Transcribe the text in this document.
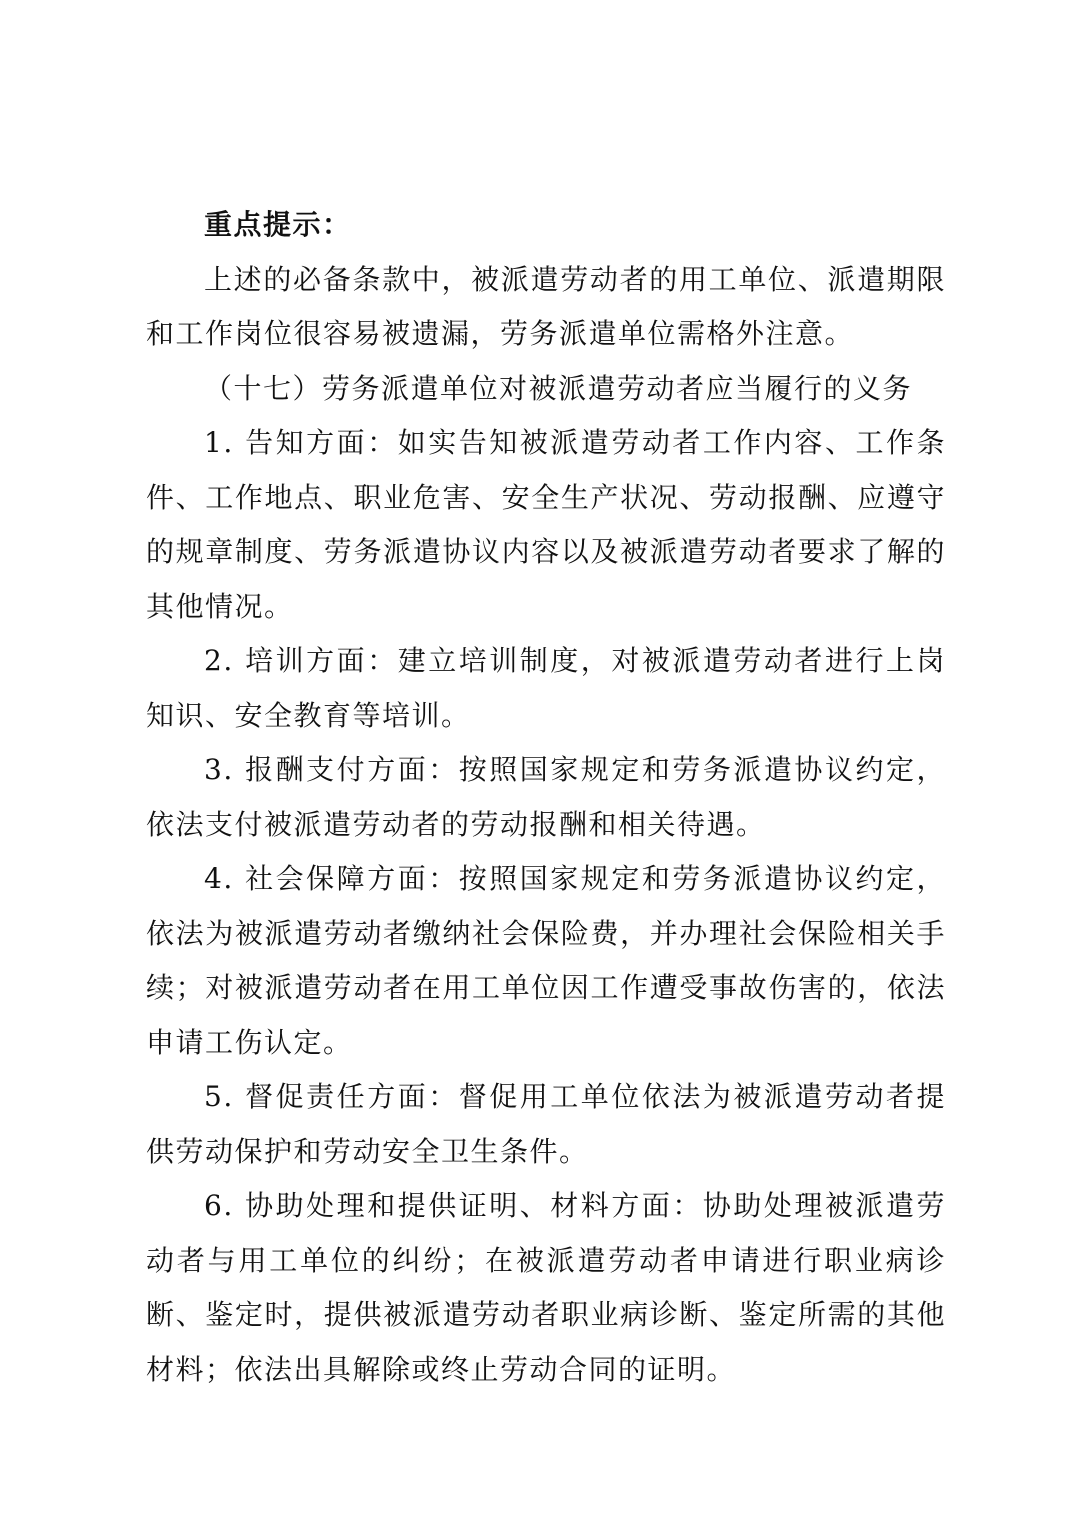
重点提示：

上述的必备条款中，被派遣劳动者的用工单位、派遣期限和工作岗位很容易被遗漏，劳务派遣单位需格外注意。

（十七）劳务派遣单位对被派遣劳动者应当履行的义务

1. 告知方面：如实告知被派遣劳动者工作内容、工作条件、工作地点、职业危害、安全生产状况、劳动报酬、应遵守的规章制度、劳务派遣协议内容以及被派遣劳动者要求了解的其他情况。

2. 培训方面：建立培训制度，对被派遣劳动者进行上岗知识、安全教育等培训。

3. 报酬支付方面：按照国家规定和劳务派遣协议约定，依法支付被派遣劳动者的劳动报酬和相关待遇。

4. 社会保障方面：按照国家规定和劳务派遣协议约定，依法为被派遣劳动者缴纳社会保险费，并办理社会保险相关手续；对被派遣劳动者在用工单位因工作遭受事故伤害的，依法申请工伤认定。

5. 督促责任方面：督促用工单位依法为被派遣劳动者提供劳动保护和劳动安全卫生条件。

6. 协助处理和提供证明、材料方面：协助处理被派遣劳动者与用工单位的纠纷；在被派遣劳动者申请进行职业病诊断、鉴定时，提供被派遣劳动者职业病诊断、鉴定所需的其他材料；依法出具解除或终止劳动合同的证明。
